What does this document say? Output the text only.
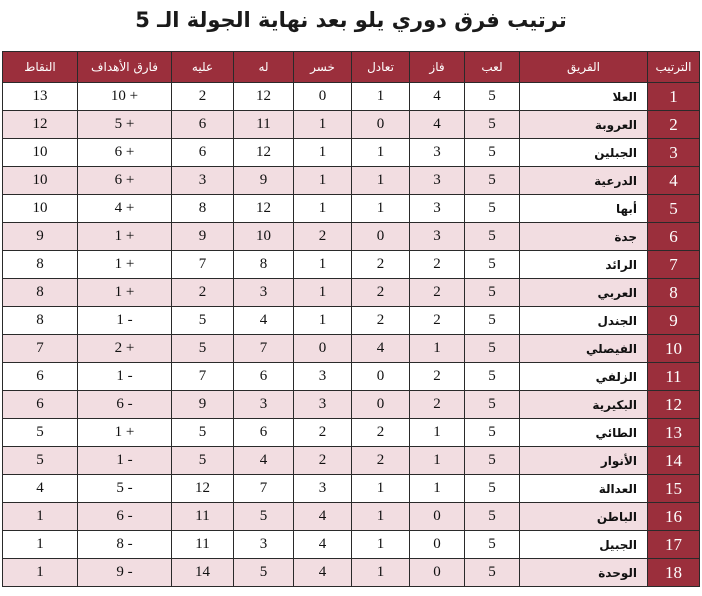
ترتيب فرق دوري يلو بعد نهاية الجولة الـ 5
الترتيب	الفريق	لعب	فاز	تعادل	خسر	له	عليه	فارق الأهداف	النقاط
1	العلا	5	4	1	0	12	2	+ 10	13
2	العروبة	5	4	0	1	11	6	+ 5	12
3	الجبلين	5	3	1	1	12	6	+ 6	10
4	الدرعية	5	3	1	1	9	3	+ 6	10
5	أبها	5	3	1	1	12	8	+ 4	10
6	جدة	5	3	0	2	10	9	+ 1	9
7	الرائد	5	2	2	1	8	7	+ 1	8
8	العربي	5	2	2	1	3	2	+ 1	8
9	الجندل	5	2	2	1	4	5	- 1	8
10	الفيصلي	5	1	4	0	7	5	+ 2	7
11	الزلفي	5	2	0	3	6	7	- 1	6
12	البكيرية	5	2	0	3	3	9	- 6	6
13	الطائي	5	1	2	2	6	5	+ 1	5
14	الأنوار	5	1	2	2	4	5	- 1	5
15	العدالة	5	1	1	3	7	12	- 5	4
16	الباطن	5	0	1	4	5	11	- 6	1
17	الجبيل	5	0	1	4	3	11	- 8	1
18	الوحدة	5	0	1	4	5	14	- 9	1
